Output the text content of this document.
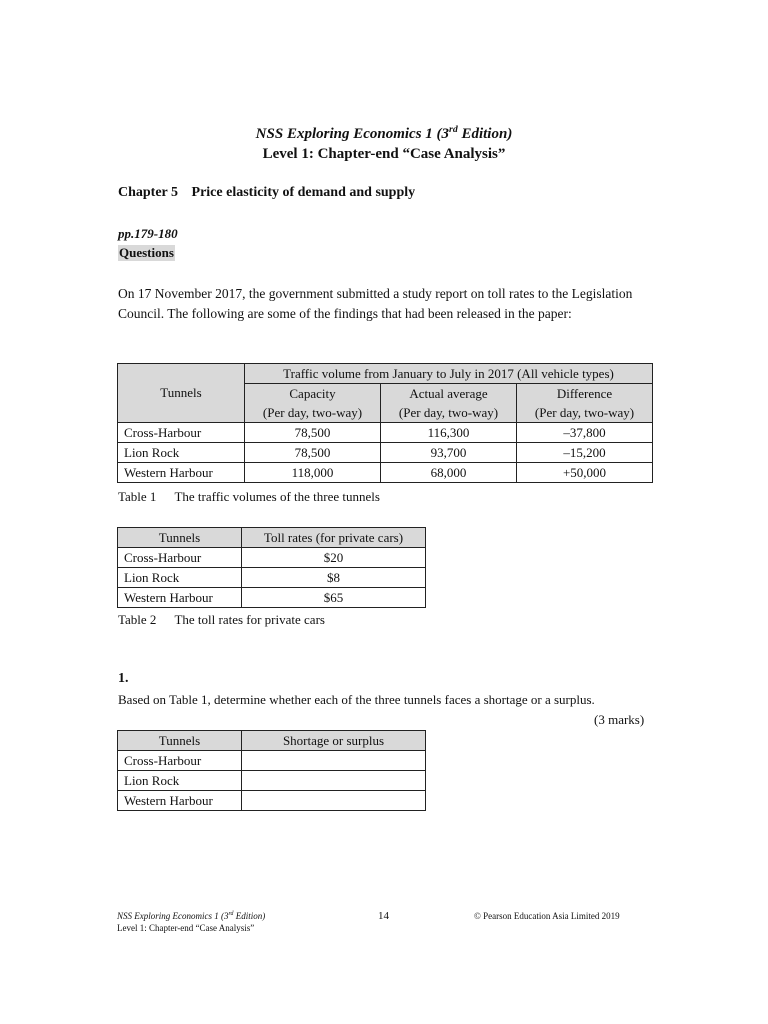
NSS Exploring Economics 1 (3rd Edition)
Level 1: Chapter-end “Case Analysis”
Chapter 5 Price elasticity of demand and supply
pp.179-180
Questions
On 17 November 2017, the government submitted a study report on toll rates to the Legislation Council. The following are some of the findings that had been released in the paper:
Tunnels	Traffic volume from January to July in 2017 (All vehicle types)		
	Capacity	Actual average	Difference
	(Per day, two-way)	(Per day, two-way)	(Per day, two-way)
Cross-Harbour	78,500	116,300	–37,800
Lion Rock	78,500	93,700	–15,200
Western Harbour	118,000	68,000	+50,000
Table 1 The traffic volumes of the three tunnels
Tunnels	Toll rates (for private cars)
Cross-Harbour	$20
Lion Rock	$8
Western Harbour	$65
Table 2 The toll rates for private cars
1.
Based on Table 1, determine whether each of the three tunnels faces a shortage or a surplus.
(3 marks)
Tunnels	Shortage or surplus
Cross-Harbour	
Lion Rock	
Western Harbour	
NSS Exploring Economics 1 (3rd Edition)
Level 1: Chapter-end “Case Analysis”
14	© Pearson Education Asia Limited 2019
